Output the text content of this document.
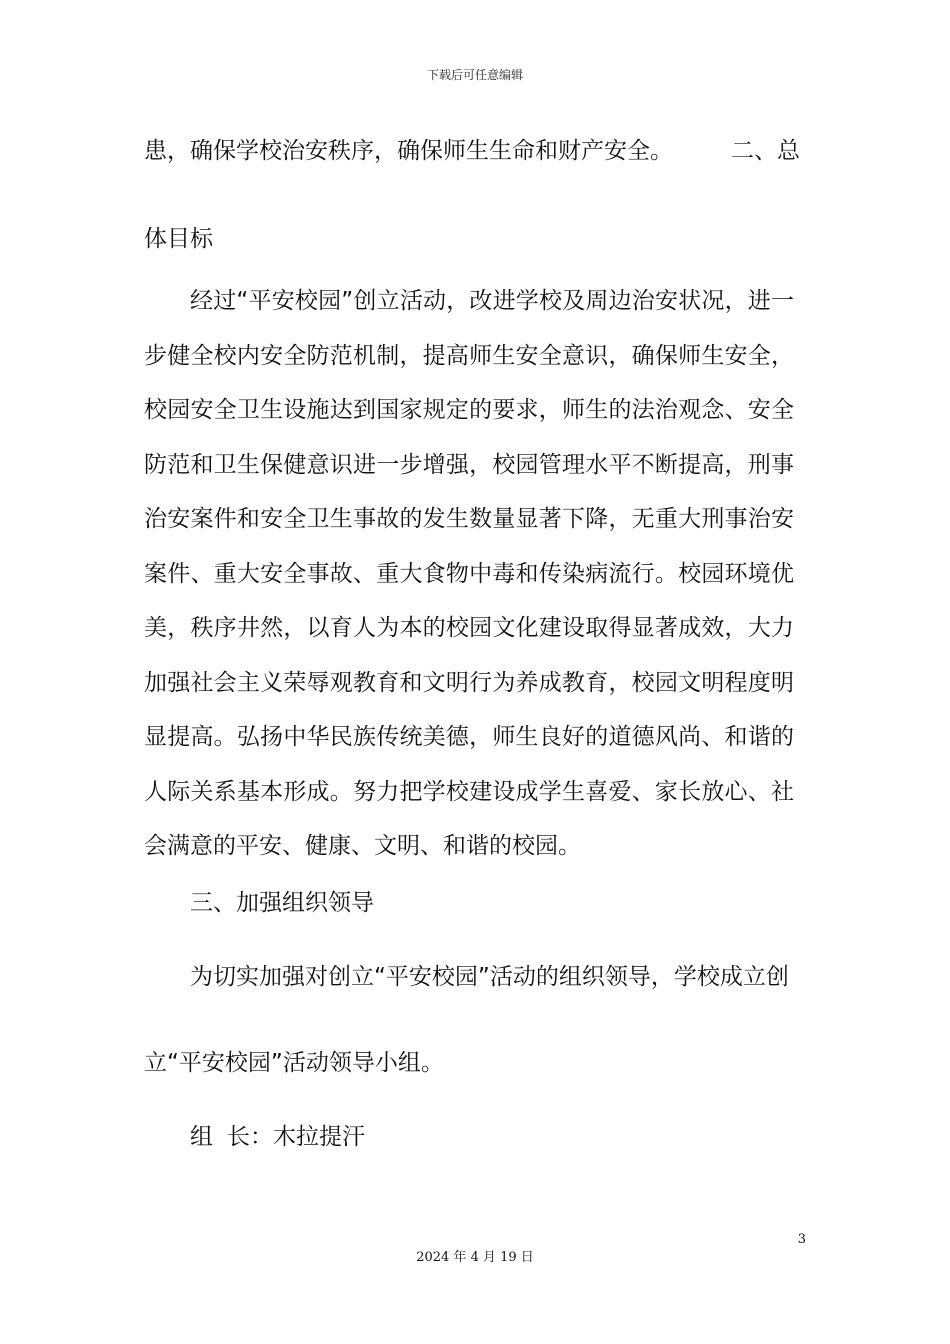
下载后可任意编辑
患，确保学校治安秩序，确保师生生命和财产安全。	二、总
体目标

经过“平安校园”创立活动，改进学校及周边治安状况，进一步健全校内安全防范机制，提高师生安全意识，确保师生安全，校园安全卫生设施达到国家规定的要求，师生的法治观念、安全防范和卫生保健意识进一步增强，校园管理水平不断提高，刑事治安案件和安全卫生事故的发生数量显著下降，无重大刑事治安案件、重大安全事故、重大食物中毒和传染病流行。校园环境优美，秩序井然，以育人为本的校园文化建设取得显著成效，大力加强社会主义荣辱观教育和文明行为养成教育，校园文明程度明显提高。弘扬中华民族传统美德，师生良好的道德风尚、和谐的人际关系基本形成。努力把学校建设成学生喜爱、家长放心、社会满意的平安、健康、文明、和谐的校园。

三、加强组织领导
为切实加强对创立“平安校园”活动的组织领导，学校成立创
立“平安校园”活动领导小组。
组 长：木拉提汗
3
2024 年 4 月 19 日
